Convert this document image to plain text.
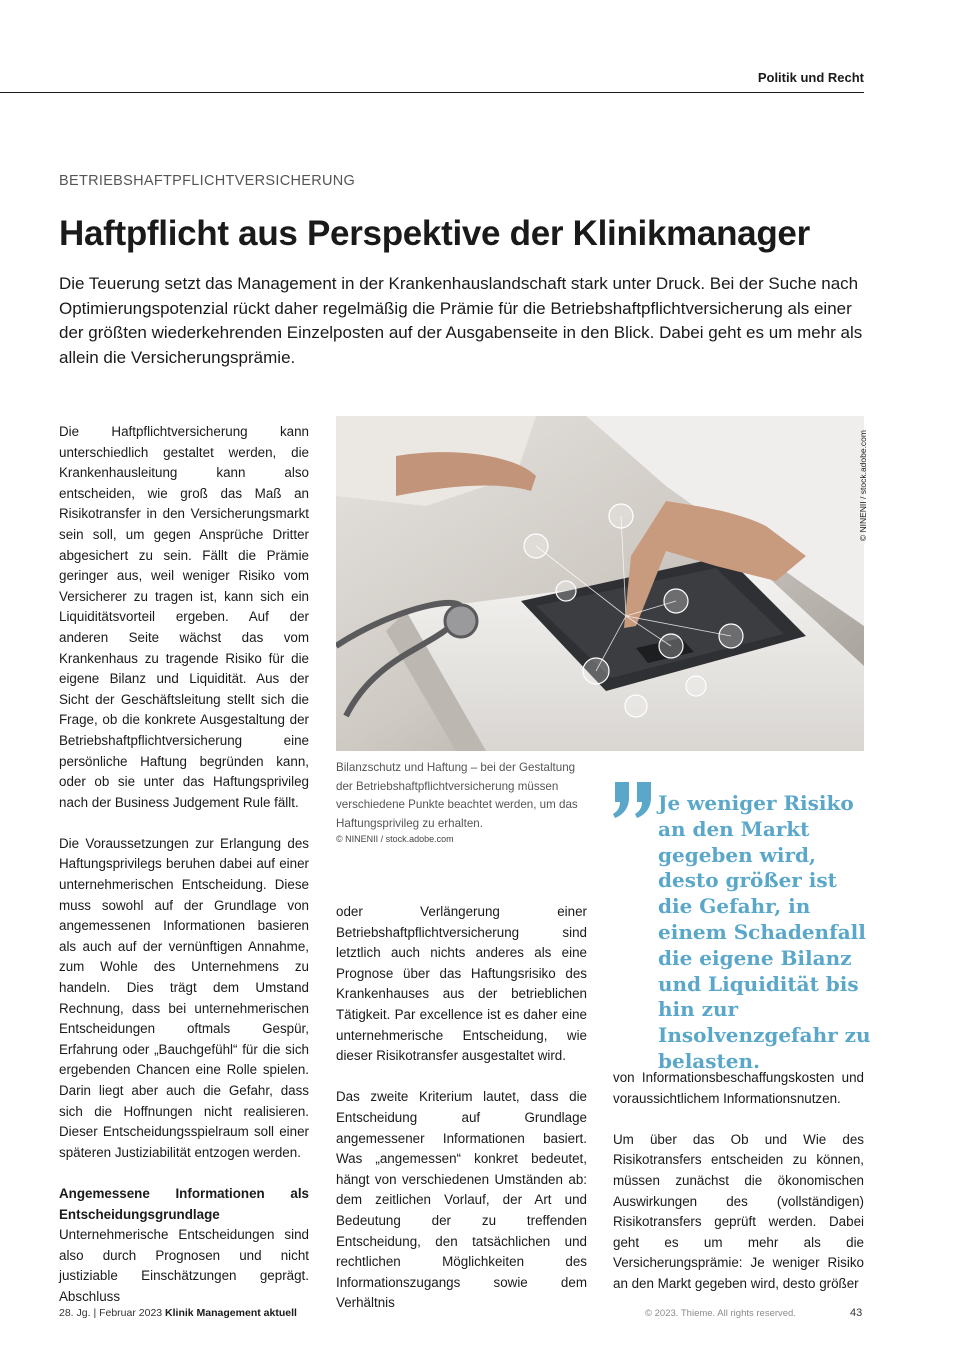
Politik und Recht
BETRIEBSHAFTPFLICHTVERSICHERUNG
Haftpflicht aus Perspektive der Klinikmanager

Die Teuerung setzt das Management in der Krankenhauslandschaft stark unter Druck. Bei der Suche nach Optimierungspotenzial rückt daher regelmäßig die Prämie für die Betriebshaftpflichtversicherung als einer der größten wiederkehrenden Einzelposten auf der Ausgabenseite in den Blick. Dabei geht es um mehr als allein die Versicherungsprämie.

Die Haftpflichtversicherung kann unterschiedlich gestaltet werden, die Krankenhausleitung kann also entscheiden, wie groß das Maß an Risikotransfer in den Versicherungsmarkt sein soll, um gegen Ansprüche Dritter abgesichert zu sein. Fällt die Prämie geringer aus, weil weniger Risiko vom Versicherer zu tragen ist, kann sich ein Liquiditätsvorteil ergeben. Auf der anderen Seite wächst das vom Krankenhaus zu tragende Risiko für die eigene Bilanz und Liquidität. Aus der Sicht der Geschäftsleitung stellt sich die Frage, ob die konkrete Ausgestaltung der Betriebshaftpflichtversicherung eine persönliche Haftung begründen kann, oder ob sie unter das Haftungsprivileg nach der Business Judgement Rule fällt.

Die Voraussetzungen zur Erlangung des Haftungsprivilegs beruhen dabei auf einer unternehmerischen Entscheidung. Diese muss sowohl auf der Grundlage von angemessenen Informationen basieren als auch auf der vernünftigen Annahme, zum Wohle des Unternehmens zu handeln. Dies trägt dem Umstand Rechnung, dass bei unternehmerischen Entscheidungen oftmals Gespür, Erfahrung oder „Bauchgefühl“ für die sich ergebenden Chancen eine Rolle spielen. Darin liegt aber auch die Gefahr, dass sich die Hoffnungen nicht realisieren. Dieser Entscheidungsspielraum soll einer späteren Justiziabilität entzogen werden.

Angemessene Informationen als Entscheidungsgrundlage

Unternehmerische Entscheidungen sind also durch Prognosen und nicht justiziable Einschätzungen geprägt. Abschluss

© NINENII / stock.adobe.com
Bilanzschutz und Haftung – bei der Gestaltung der Betriebshaftpflichtversicherung müssen verschiedene Punkte beachtet werden, um das Haftungsprivileg zu erhalten.
© NINENII / stock.adobe.com

oder Verlängerung einer Betriebshaftpflichtversicherung sind letztlich auch nichts anderes als eine Prognose über das Haftungsrisiko des Krankenhauses aus der betrieblichen Tätigkeit. Par excellence ist es daher eine unternehmerische Entscheidung, wie dieser Risikotransfer ausgestaltet wird.

Das zweite Kriterium lautet, dass die Entscheidung auf Grundlage angemessener Informationen basiert. Was „angemessen“ konkret bedeutet, hängt von verschiedenen Umständen ab: dem zeitlichen Vorlauf, der Art und Bedeutung der zu treffenden Entscheidung, den tatsächlichen und rechtlichen Möglichkeiten des Informationszugangs sowie dem Verhältnis

Je weniger Risiko an den Markt gegeben wird, desto größer ist die Gefahr, in einem Schadenfall die eigene Bilanz und Liquidität bis hin zur Insolvenzgefahr zu belasten.

von Informationsbeschaffungskosten und voraussichtlichem Informationsnutzen.

Um über das Ob und Wie des Risikotransfers entscheiden zu können, müssen zunächst die ökonomischen Auswirkungen des (vollständigen) Risikotransfers geprüft werden. Dabei geht es um mehr als die Versicherungsprämie: Je weniger Risiko an den Markt gegeben wird, desto größer

28. Jg. | Februar 2023 Klinik Management aktuell	© 2023. Thieme. All rights reserved.	43
